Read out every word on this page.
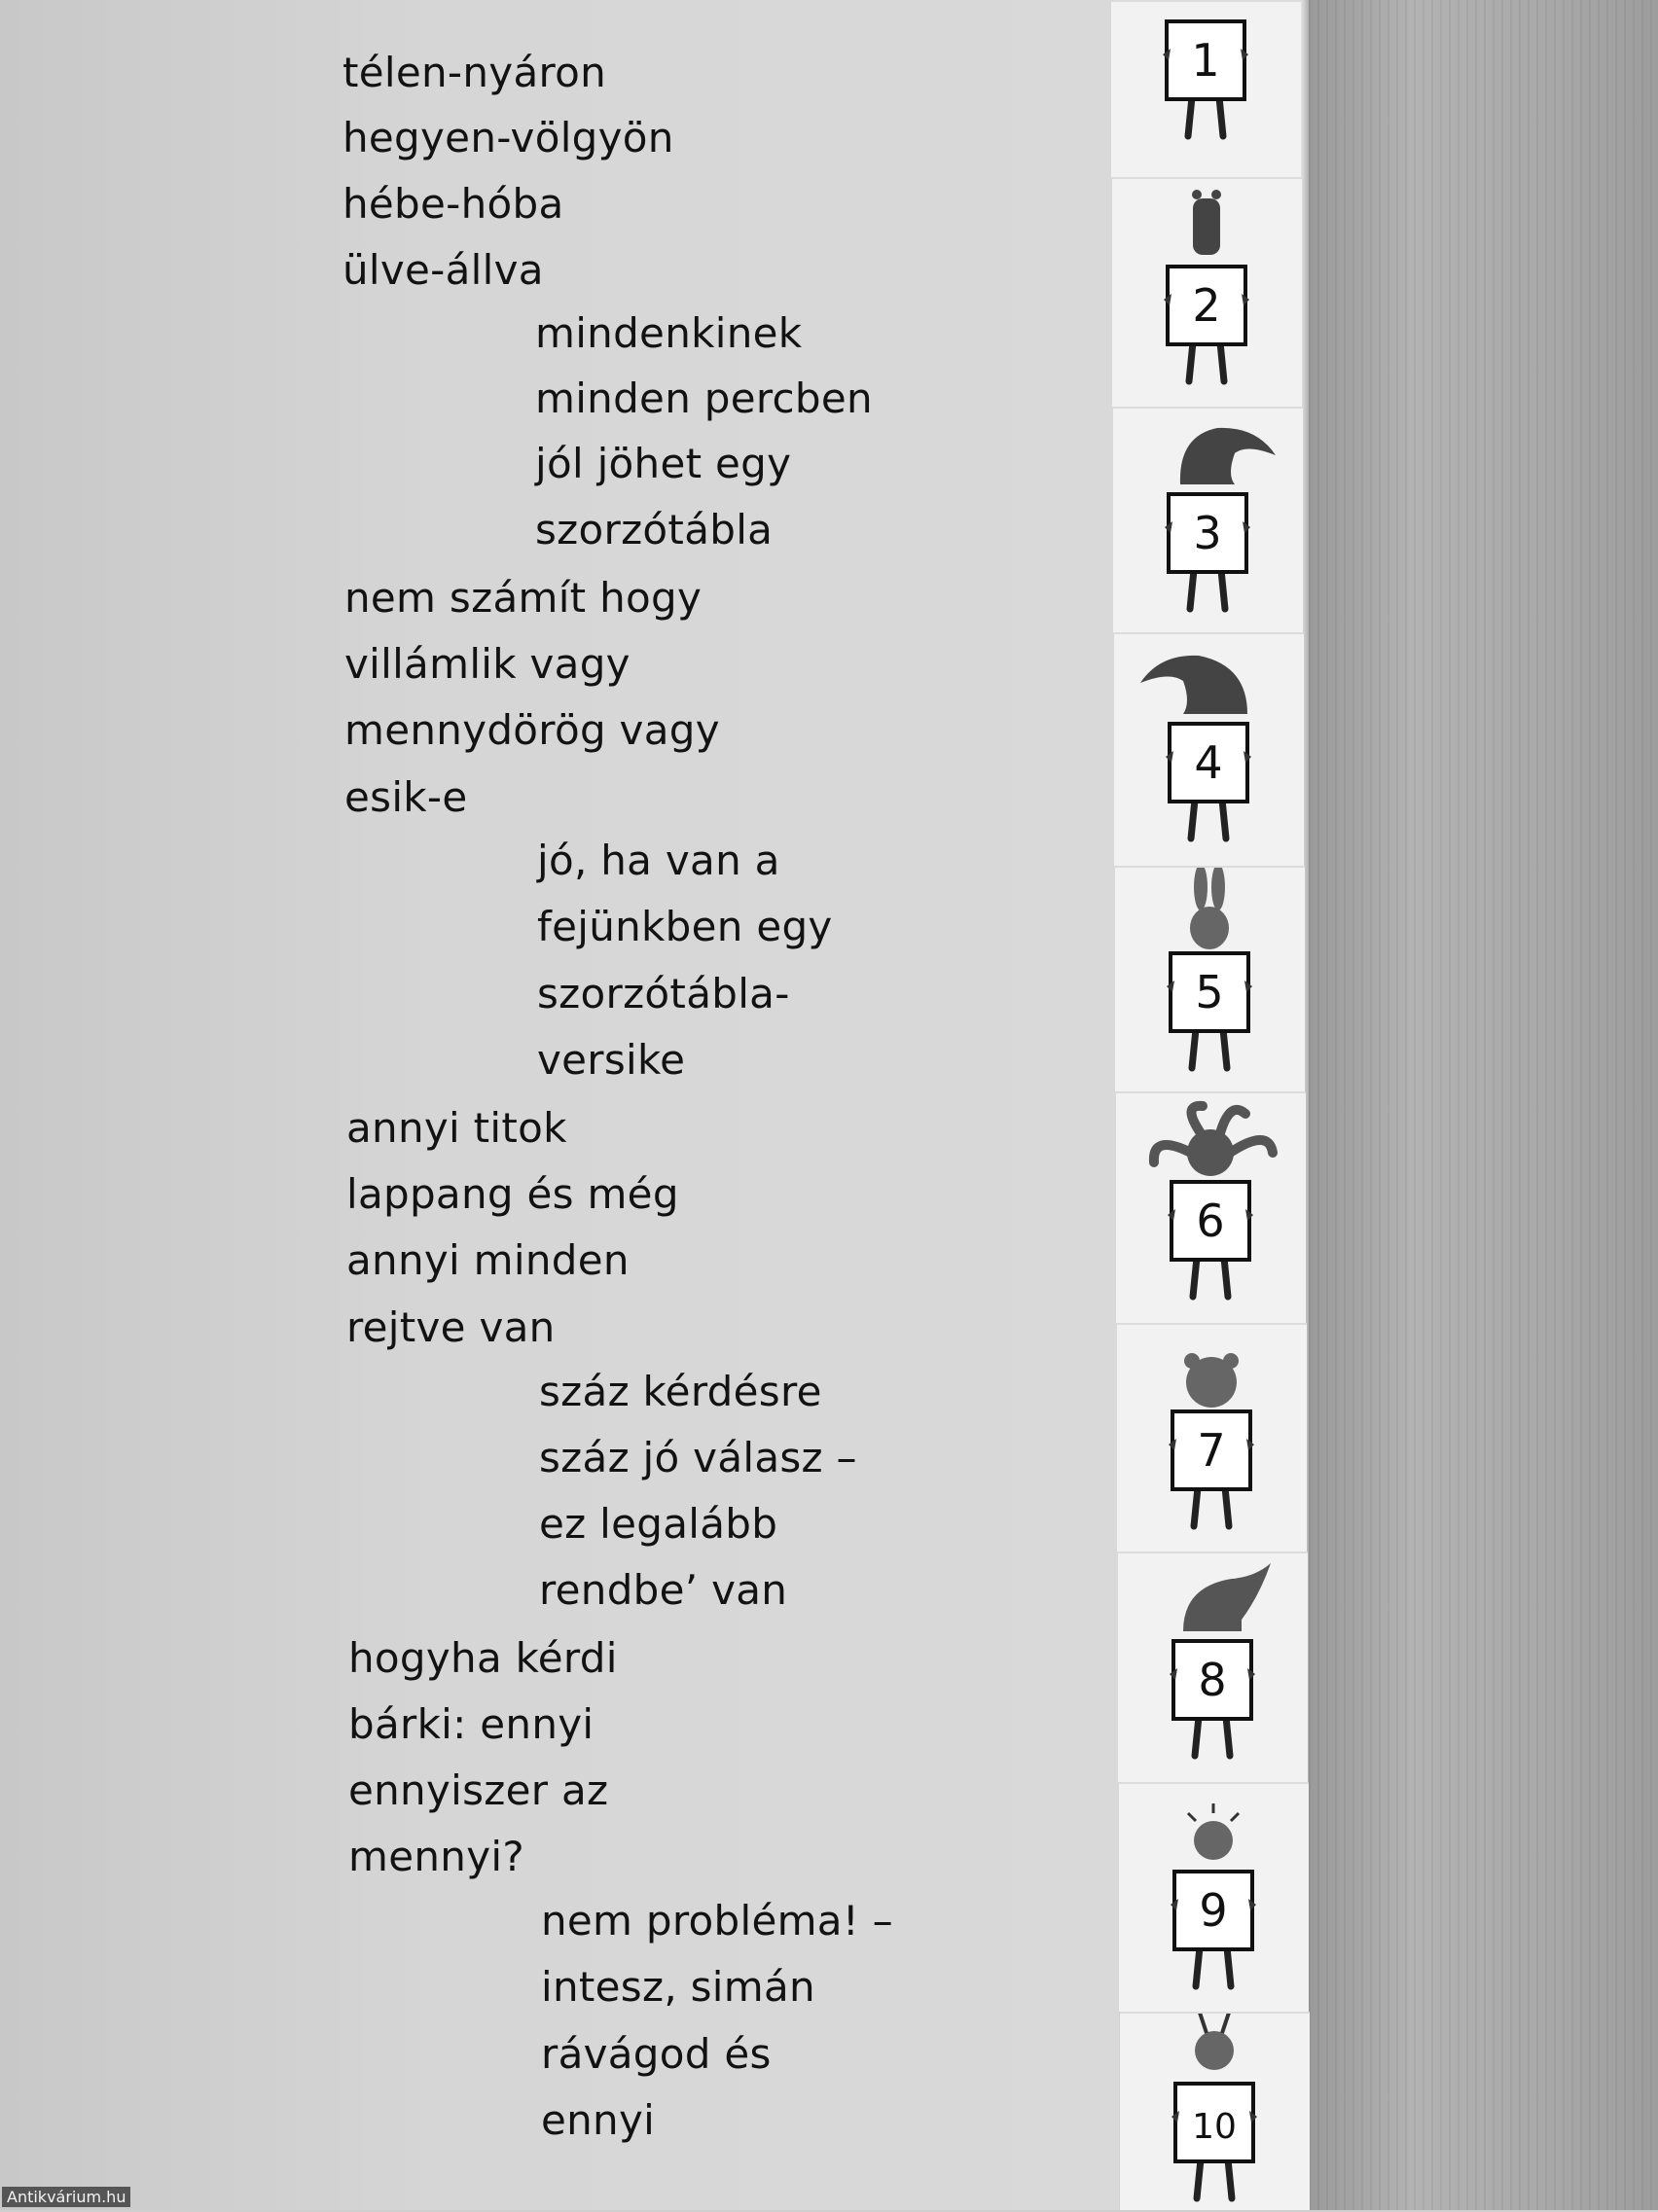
télen-nyáron
hegyen-völgyön
hébe-hóba
ülve-állva
mindenkinek
minden percben
jól jöhet egy
szorzótábla
nem számít hogy
villámlik vagy
mennydörög vagy
esik-e
jó, ha van a
fejünkben egy
szorzótábla-
versike
annyi titok
lappang és még
annyi minden
rejtve van
száz kérdésre
száz jó válasz –
ez legalább
rendbe’ van
hogyha kérdi
bárki: ennyi
ennyiszer az
mennyi?
nem probléma! –
intesz, simán
rávágod és
ennyi
1
2
3
4
5
6
7
8
9
10
Antikvárium.hu
